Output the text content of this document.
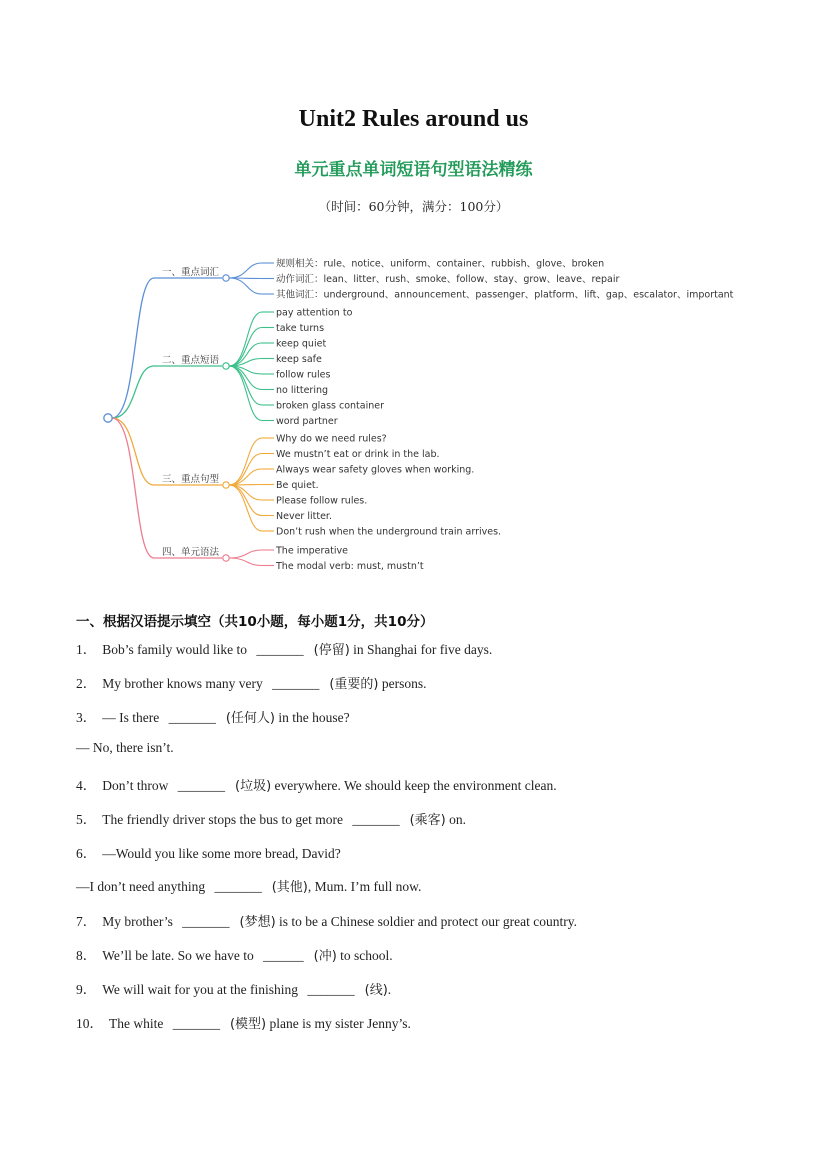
Unit2 Rules around us
单元重点单词短语句型语法精练
（时间：60分钟，满分：100分）
一、重点词汇
规则相关：rule、notice、uniform、container、rubbish、glove、broken
动作词汇：lean、litter、rush、smoke、follow、stay、grow、leave、repair
其他词汇：underground、announcement、passenger、platform、lift、gap、escalator、important
二、重点短语
pay attention to
take turns
keep quiet
keep safe
follow rules
no littering
broken glass container
word partner
三、重点句型
Why do we need rules?
We mustn’t eat or drink in the lab.
Always wear safety gloves when working.
Be quiet.
Please follow rules.
Never litter.
Don’t rush when the underground train arrives.
四、单元语法	The imperative
The modal verb: must, mustn’t
一、根据汉语提示填空（共10小题，每小题1分，共10分）
1． Bob’s family would like to _______ (停留) in Shanghai for five days.
2． My brother knows many very _______ (重要的) persons.
3． — Is there _______ (任何人) in the house?
— No, there isn’t.
4． Don’t throw _______ (垃圾) everywhere. We should keep the environment clean.
5． The friendly driver stops the bus to get more _______ (乘客) on.
6． —Would you like some more bread, David?
—I don’t need anything _______ (其他), Mum. I’m full now.
7． My brother’s _______ (梦想) is to be a Chinese soldier and protect our great country.
8． We’ll be late. So we have to ______ (冲) to school.
9． We will wait for you at the finishing _______ (线).
10． The white _______ (模型) plane is my sister Jenny’s.
